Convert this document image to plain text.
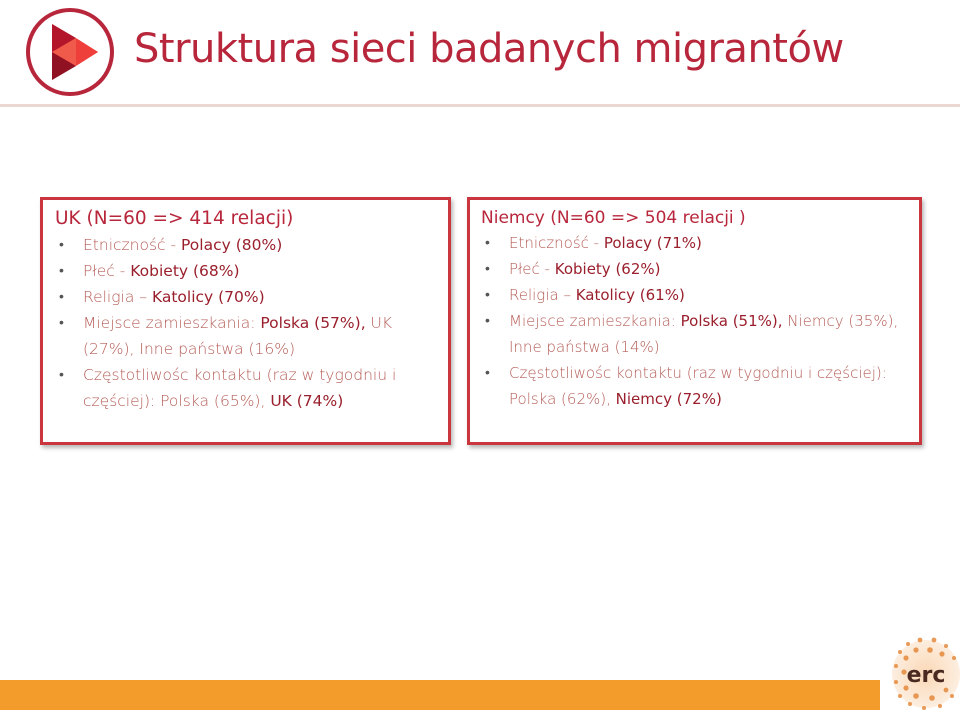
Struktura sieci badanych migrantów
UK (N=60 => 414 relacji)
• Etniczność - Polacy (80%)
• Płeć - Kobiety (68%)
• Religia – Katolicy (70%)
• Miejsce zamieszkania: Polska (57%), UK (27%), Inne państwa (16%)
• Częstotliwośc kontaktu (raz w tygodniu i częściej): Polska (65%), UK (74%)
Niemcy (N=60 => 504 relacji )
• Etniczność - Polacy (71%)
• Płeć - Kobiety (62%)
• Religia – Katolicy (61%)
• Miejsce zamieszkania: Polska (51%), Niemcy (35%), Inne państwa (14%)
• Częstotliwośc kontaktu (raz w tygodniu i częściej): Polska (62%), Niemcy (72%)
erc
